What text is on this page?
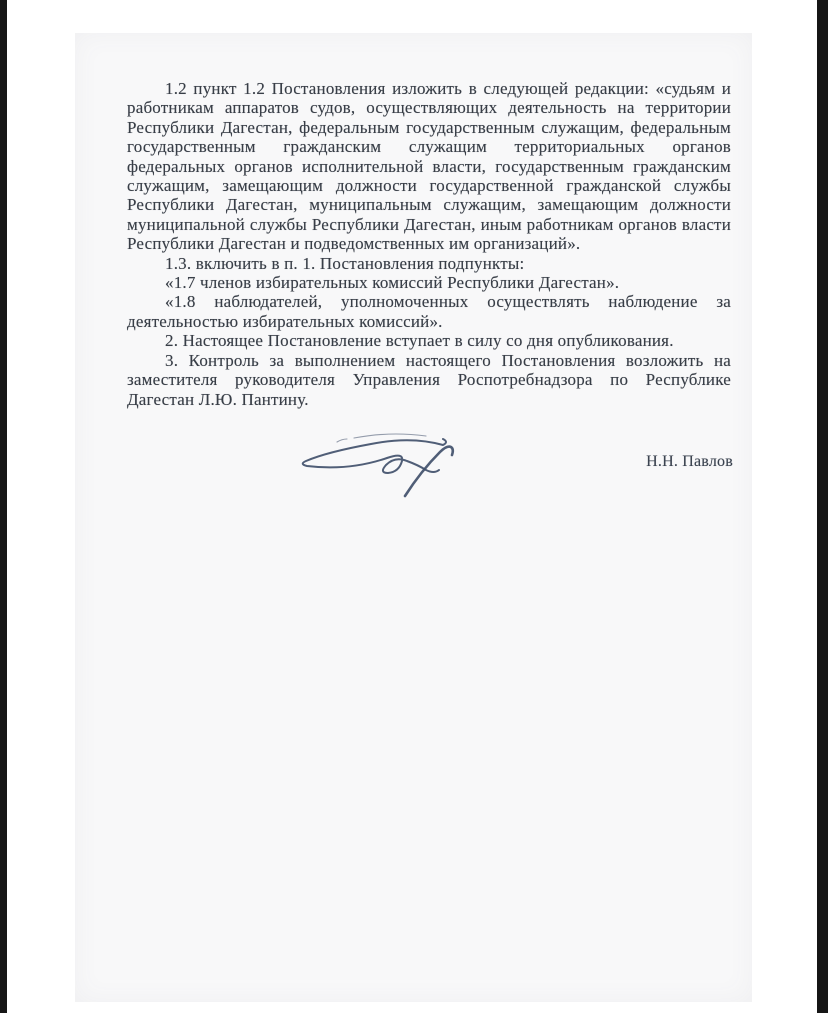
1.2 пункт 1.2 Постановления изложить в следующей редакции: «судьям и работникам аппаратов судов, осуществляющих деятельность на территории Республики Дагестан, федеральным государственным служащим, федеральным государственным гражданским служащим территориальных органов федеральных органов исполнительной власти, государственным гражданским служащим, замещающим должности государственной гражданской службы Республики Дагестан, муниципальным служащим, замещающим должности муниципальной службы Республики Дагестан, иным работникам органов власти Республики Дагестан и подведомственных им организаций».

1.3. включить в п. 1. Постановления подпункты:

«1.7 членов избирательных комиссий Республики Дагестан».

«1.8 наблюдателей, уполномоченных осуществлять наблюдение за деятельностью избирательных комиссий».

2. Настоящее Постановление вступает в силу со дня опубликования.

3. Контроль за выполнением настоящего Постановления возложить на заместителя руководителя Управления Роспотребнадзора по Республике Дагестан Л.Ю. Пантину.

Н.Н. Павлов
